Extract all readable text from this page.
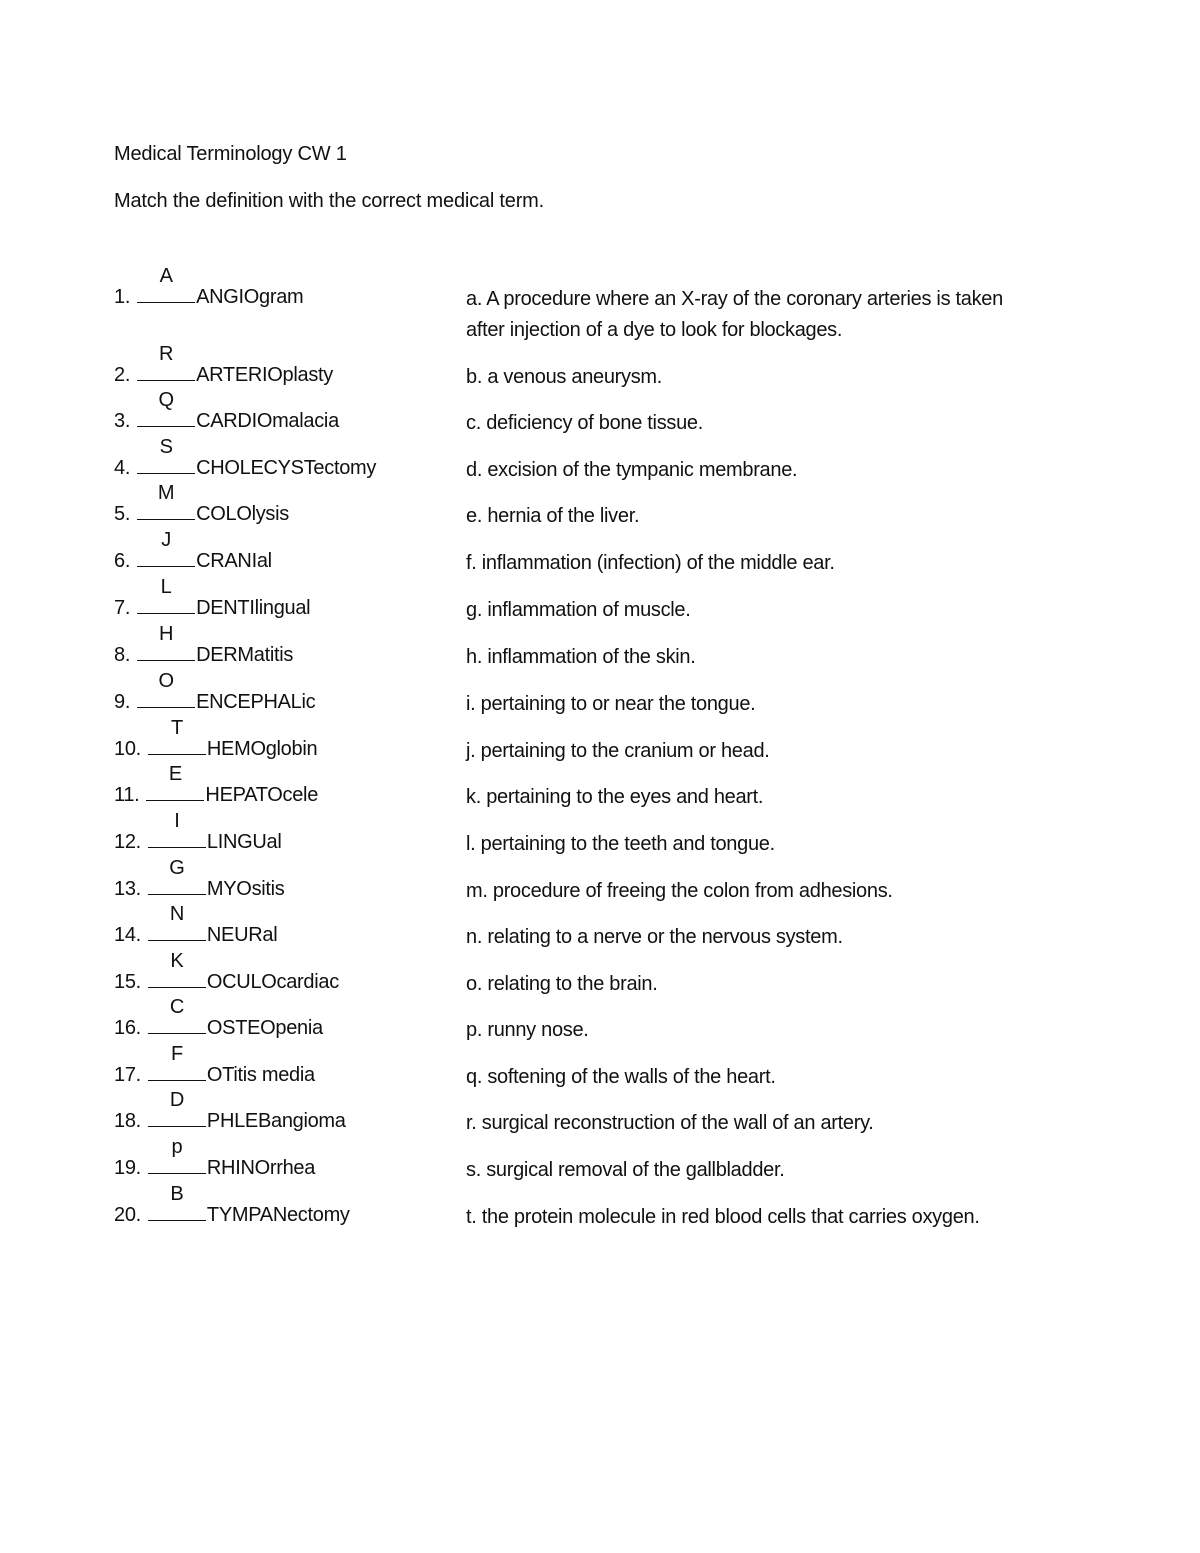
Medical Terminology CW 1
Match the definition with the correct medical term.
1.
A
ANGIOgram	a. A procedure where an X-ray of the coronary arteries is taken

after injection of a dye to look for blockages.
2.
R
ARTERIOplasty	b. a venous aneurysm.
3.
Q
CARDIOmalacia	c. deficiency of bone tissue.
4.
S
CHOLECYSTectomy	d. excision of the tympanic membrane.
5.
M
COLOlysis	e. hernia of the liver.
6.
J
CRANIal	f. inflammation (infection) of the middle ear.
7.
L
DENTIlingual	g. inflammation of muscle.
8.
H
DERMatitis	h. inflammation of the skin.
9.
O
ENCEPHALic	i. pertaining to or near the tongue.
10.
T
HEMOglobin	j. pertaining to the cranium or head.
11.
E
HEPATOcele	k. pertaining to the eyes and heart.
12.
I
LINGUal	l. pertaining to the teeth and tongue.
13.
G
MYOsitis	m. procedure of freeing the colon from adhesions.
14.
N
NEURal	n. relating to a nerve or the nervous system.
15.
K
OCULOcardiac	o. relating to the brain.
16.
C
OSTEOpenia	p. runny nose.
17.
F
OTitis media	q. softening of the walls of the heart.
18.
D
PHLEBangioma	r. surgical reconstruction of the wall of an artery.
19.
p
RHINOrrhea	s. surgical removal of the gallbladder.
20.
B
TYMPANectomy	t. the protein molecule in red blood cells that carries oxygen.
